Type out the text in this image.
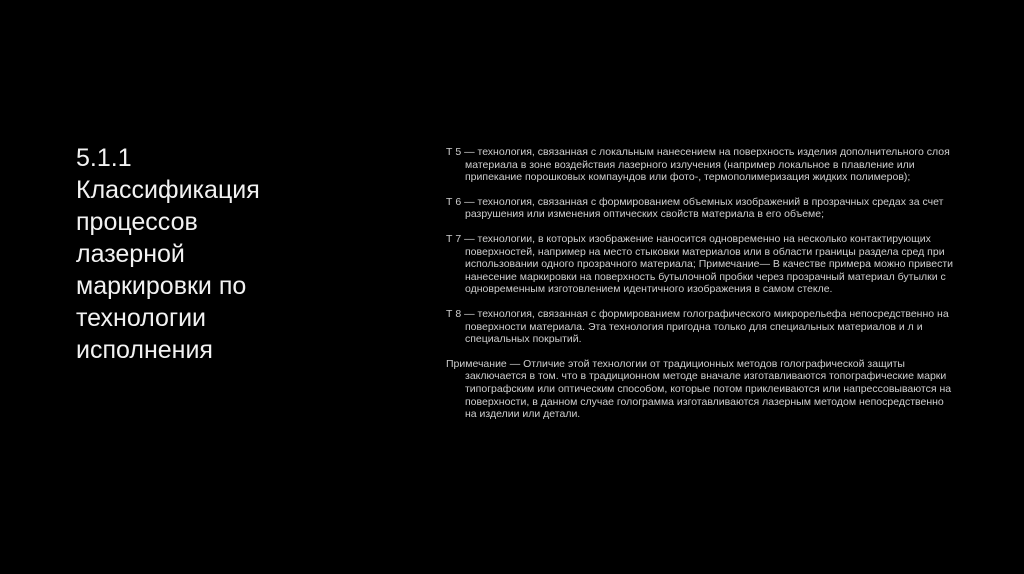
5.1.1
Классификация
процессов
лазерной
маркировки по
технологии
исполнения

Т 5 — технология, связанная с локальным нанесением на поверхность изделия дополнительного слоя материала в зоне воздействия лазерного излучения (например локальное в плавление или припекание порошковых компаундов или фото-, термополимеризация жидких полимеров);

Т 6 — технология, связанная с формированием объемных изображений в прозрачных средах за счет разрушения или изменения оптических свойств материала в его объеме;

Т 7 — технологии, в которых изображение наносится одновременно на несколько контактирующих поверхностей, например на место стыковки материалов или в области границы раздела сред при использовании одного прозрачного материала; Примечание— В качестве примера можно привести нанесение маркировки на поверхность бутылочной пробки через прозрачный материал бутылки с одновременным изготовлением идентичного изображения в самом стекле.

Т 8 — технология, связанная с формированием голографического микрорельефа непосредственно на поверхности материала. Эта технология пригодна только для специальных материалов и л и специальных покрытий.

Примечание — Отличие этой технологии от традиционных методов голографической защиты заключается в том. что в традиционном методе вначале изготавливаются топографические марки типографским или оптическим способом, которые потом приклеиваются или напрессовываются на поверхности, в данном случае голограмма изготавливаются лазерным методом непосредственно на изделии или детали.
